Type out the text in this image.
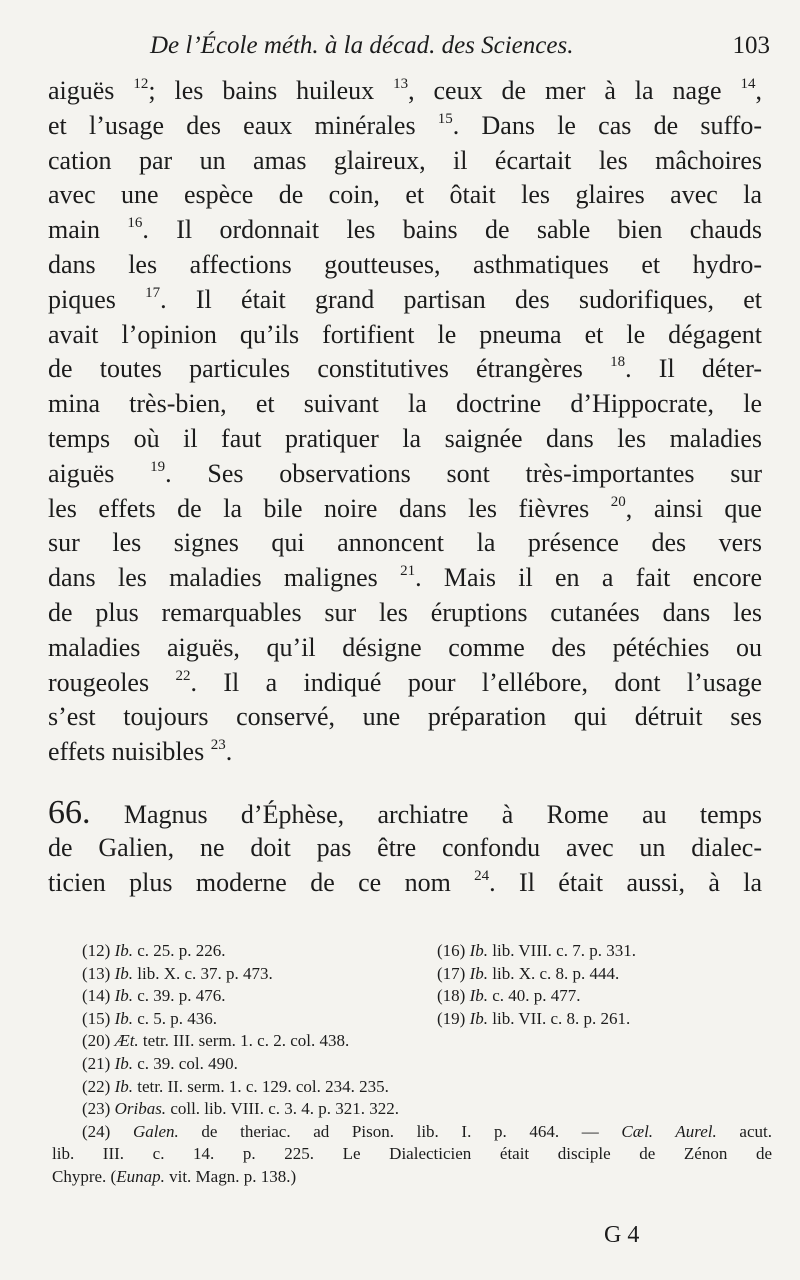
De l’École méth. à la décad. des Sciences.	103
aiguës $^{12}$; les bains huileux $^{13}$, ceux de mer à la nage $^{14}$,
et l’usage des eaux minérales $^{15}$. Dans le cas de suffo-
cation par un amas glaireux, il écartait les mâchoires
avec une espèce de coin, et ôtait les glaires avec la
main $^{16}$. Il ordonnait les bains de sable bien chauds
dans les affections goutteuses, asthmatiques et hydro-
piques $^{17}$. Il était grand partisan des sudorifiques, et
avait l’opinion qu’ils fortifient le pneuma et le dégagent
de toutes particules constitutives étrangères $^{18}$. Il déter-
mina très-bien, et suivant la doctrine d’Hippocrate, le
temps où il faut pratiquer la saignée dans les maladies
aiguës $^{19}$. Ses observations sont très-importantes sur
les effets de la bile noire dans les fièvres $^{20}$, ainsi que
sur les signes qui annoncent la présence des vers
dans les maladies malignes $^{21}$. Mais il en a fait encore
de plus remarquables sur les éruptions cutanées dans les
maladies aiguës, qu’il désigne comme des pétéchies ou
rougeoles $^{22}$. Il a indiqué pour l’ellébore, dont l’usage
s’est toujours conservé, une préparation qui détruit ses
effets nuisibles $^{23}$.
66. Magnus d’Éphèse, archiatre à Rome au temps
de Galien, ne doit pas être confondu avec un dialec-
ticien plus moderne de ce nom $^{24}$. Il était aussi, à la
(12) Ib. c. 25. p. 226.	(16) Ib. lib. VIII. c. 7. p. 331.
(13) Ib. lib. X. c. 37. p. 473.	(17) Ib. lib. X. c. 8. p. 444.
(14) Ib. c. 39. p. 476.	(18) Ib. c. 40. p. 477.
(15) Ib. c. 5. p. 436.	(19) Ib. lib. VII. c. 8. p. 261.
(20) Æt. tetr. III. serm. 1. c. 2. col. 438.
(21) Ib. c. 39. col. 490.
(22) Ib. tetr. II. serm. 1. c. 129. col. 234. 235.
(23) Oribas. coll. lib. VIII. c. 3. 4. p. 321. 322.
(24) Galen. de theriac. ad Pison. lib. I. p. 464. — Cæl. Aurel. acut.
lib. III. c. 14. p. 225. Le Dialecticien était disciple de Zénon de
Chypre. (Eunap. vit. Magn. p. 138.)
G 4
